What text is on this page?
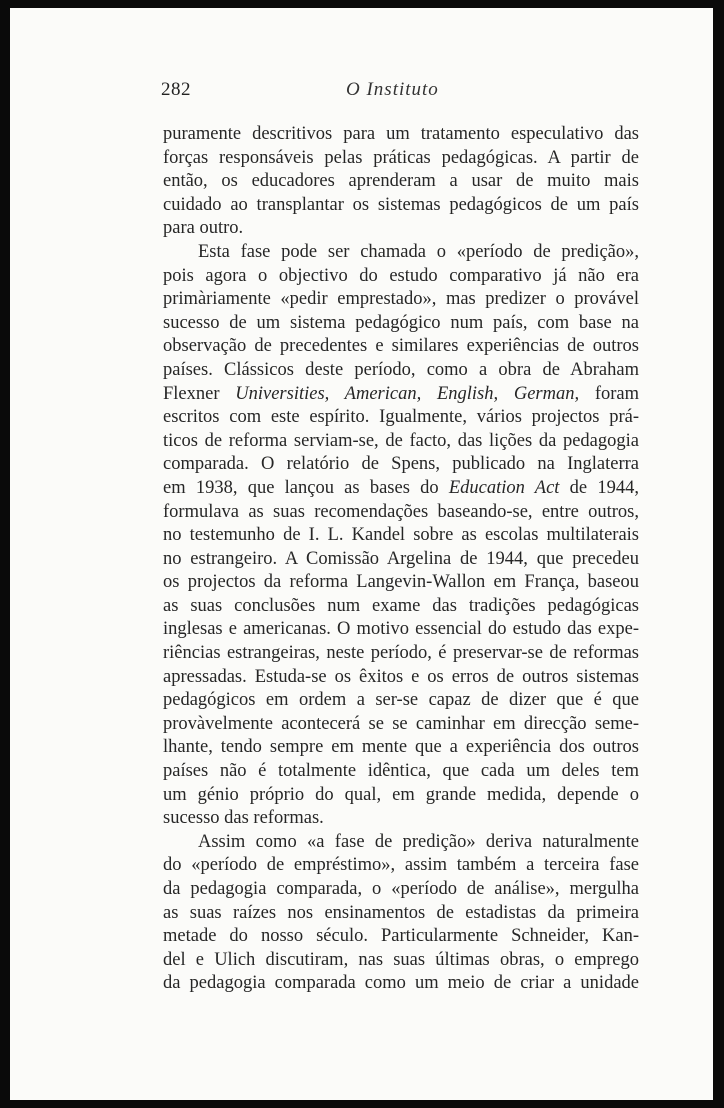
282	O Instituto
puramente descritivos para um tratamento especulativo das
forças responsáveis pelas práticas pedagógicas. A partir de
então, os educadores aprenderam a usar de muito mais
cuidado ao transplantar os sistemas pedagógicos de um país
para outro.
Esta fase pode ser chamada o «período de predição»,
pois agora o objectivo do estudo comparativo já não era
primàriamente «pedir emprestado», mas predizer o provável
sucesso de um sistema pedagógico num país, com base na
observação de precedentes e similares experiências de outros
países. Clássicos deste período, como a obra de Abraham
Flexner Universities, American, English, German, foram
escritos com este espírito. Igualmente, vários projectos prá-
ticos de reforma serviam-se, de facto, das lições da pedagogia
comparada. O relatório de Spens, publicado na Inglaterra
em 1938, que lançou as bases do Education Act de 1944,
formulava as suas recomendações baseando-se, entre outros,
no testemunho de I. L. Kandel sobre as escolas multilaterais
no estrangeiro. A Comissão Argelina de 1944, que precedeu
os projectos da reforma Langevin-Wallon em França, baseou
as suas conclusões num exame das tradições pedagógicas
inglesas e americanas. O motivo essencial do estudo das expe-
riências estrangeiras, neste período, é preservar-se de reformas
apressadas. Estuda-se os êxitos e os erros de outros sistemas
pedagógicos em ordem a ser-se capaz de dizer que é que
provàvelmente acontecerá se se caminhar em direcção seme-
lhante, tendo sempre em mente que a experiência dos outros
países não é totalmente idêntica, que cada um deles tem
um génio próprio do qual, em grande medida, depende o
sucesso das reformas.
Assim como «a fase de predição» deriva naturalmente
do «período de empréstimo», assim também a terceira fase
da pedagogia comparada, o «período de análise», mergulha
as suas raízes nos ensinamentos de estadistas da primeira
metade do nosso século. Particularmente Schneider, Kan-
del e Ulich discutiram, nas suas últimas obras, o emprego
da pedagogia comparada como um meio de criar a unidade
